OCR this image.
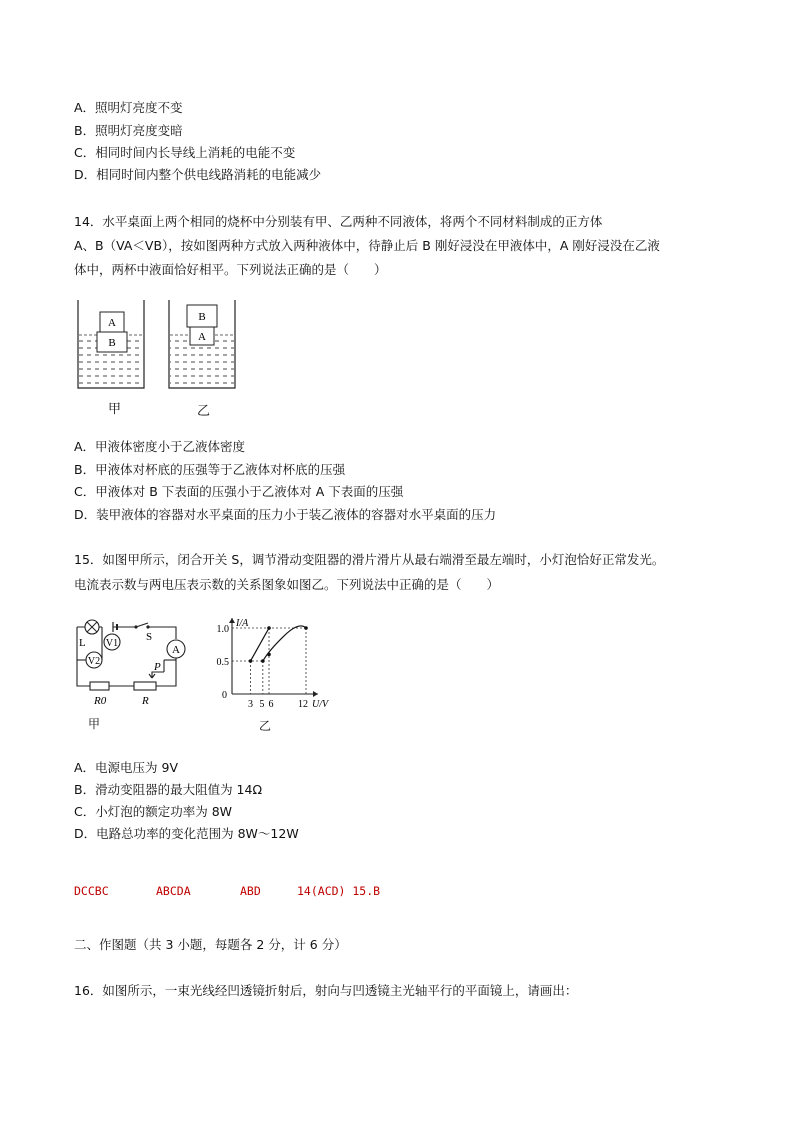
A．照明灯亮度不变
B．照明灯亮度变暗
C．相同时间内长导线上消耗的电能不变
D．相同时间内整个供电线路消耗的电能减少
14．水平桌面上两个相同的烧杯中分别装有甲、乙两种不同液体，将两个不同材料制成的正方体
A、B（VA＜VB），按如图两种方式放入两种液体中，待静止后 B 刚好浸没在甲液体中，A 刚好浸没在乙液
体中，两杯中液面恰好相平。下列说法正确的是（　　）
A
B
B
A
甲	乙
A．甲液体密度小于乙液体密度
B．甲液体对杯底的压强等于乙液体对杯底的压强
C．甲液体对 B 下表面的压强小于乙液体对 A 下表面的压强
D．装甲液体的容器对水平桌面的压力小于装乙液体的容器对水平桌面的压力
15．如图甲所示，闭合开关 S，调节滑动变阻器的滑片滑片从最右端滑至最左端时，小灯泡恰好正常发光。
电流表示数与两电压表示数的关系图象如图乙。下列说法中正确的是（　　）
V1
V2
A
L	S
P
R0	R
甲
1.0
0.5
0
3 5 6 12 U/V
I/A
乙
A．电源电压为 9V
B．滑动变阻器的最大阻值为 14Ω
C．小灯泡的额定功率为 8W
D．电路总功率的变化范围为 8W～12W
DCCBC	ABCDA	ABD	14(ACD) 15.B
二、作图题（共 3 小题，每题各 2 分，计 6 分）
16．如图所示，一束光线经凹透镜折射后，射向与凹透镜主光轴平行的平面镜上，请画出：
